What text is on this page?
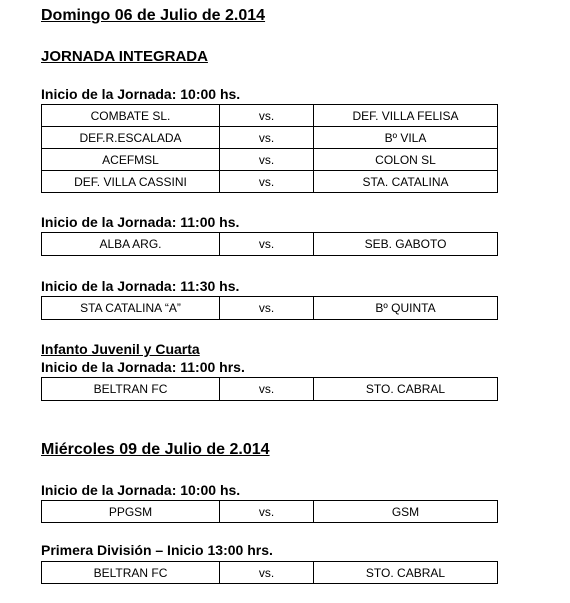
Domingo 06 de Julio de 2.014
JORNADA INTEGRADA
Inicio de la Jornada: 10:00 hs.
COMBATE SL.	vs.	DEF. VILLA FELISA
DEF.R.ESCALADA	vs.	Bº VILA
ACEFMSL	vs.	COLON SL
DEF. VILLA CASSINI	vs.	STA. CATALINA
Inicio de la Jornada: 11:00 hs.
ALBA ARG.	vs.	SEB. GABOTO
Inicio de la Jornada: 11:30 hs.
STA CATALINA “A”	vs.	Bº QUINTA
Infanto Juvenil y Cuarta
Inicio de la Jornada: 11:00 hrs.
BELTRAN FC	vs.	STO. CABRAL
Miércoles 09 de Julio de 2.014
Inicio de la Jornada: 10:00 hs.
PPGSM	vs.	GSM
Primera División – Inicio 13:00 hrs.
BELTRAN FC	vs.	STO. CABRAL
